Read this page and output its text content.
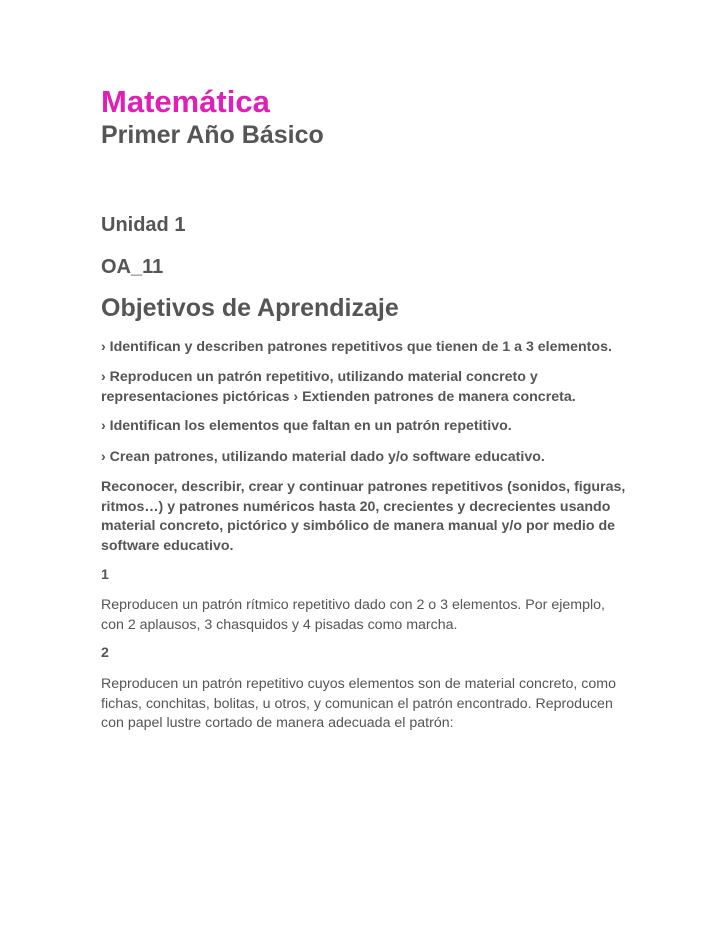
Matemática
Primer Año Básico
Unidad 1
OA_11
Objetivos de Aprendizaje

› Identifican y describen patrones repetitivos que tienen de 1 a 3 elementos.

› Reproducen un patrón repetitivo, utilizando material concreto y representaciones pictóricas › Extienden patrones de manera concreta.

› Identifican los elementos que faltan en un patrón repetitivo.

› Crean patrones, utilizando material dado y/o software educativo.

Reconocer, describir, crear y continuar patrones repetitivos (sonidos, figuras, ritmos…) y patrones numéricos hasta 20, crecientes y decrecientes usando material concreto, pictórico y simbólico de manera manual y/o por medio de software educativo.

1

Reproducen un patrón rítmico repetitivo dado con 2 o 3 elementos. Por ejemplo, con 2 aplausos, 3 chasquidos y 4 pisadas como marcha.

2

Reproducen un patrón repetitivo cuyos elementos son de material concreto, como fichas, conchitas, bolitas, u otros, y comunican el patrón encontrado. Reproducen con papel lustre cortado de manera adecuada el patrón:
